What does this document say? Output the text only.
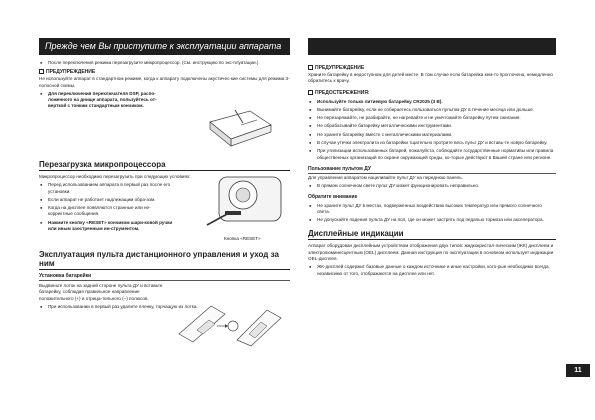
Прежде чем Вы приступите к эксплуатации аппарата
● После переключения режима перезагрузите микропроцессор. (См. инструкцию по экс-плуатации.)
ПРЕДУПРЕЖДЕНИЕ

Не используйте аппарат в стандартном режиме, когда к аппарату подключены акустичес-кие системы для режима 3-полосной схемы.

● Для переключения переключателя DSP, распо-ложенного на днище аппарата, пользуйтесь от-верткой с тонким стандартным кончиком.
Перезагрузка микропроцессора

Микропроцессор необходимо перезагрузить при следующих условиях:

● Перед использованием аппарата в первый раз после его установки.
● Если аппарат не работает надлежащим обра-зом.
● Когда на дисплее появляются странные или не-корректные сообщения.
● Нажмите кнопку «RESET» кончиком шари-ковой ручки или иным заостренным ин-струментом.
Кнопка «RESET»
Эксплуатация пульта дистанционного управления и уход за ним
Установка батарейки

Выдвиньте лоток на задней стороне пульта ДУ и вставьте батарейку, соблюдая правильное направление положительного (+) и отрица-тельного (–) полюсов.

● При использовании в первый раз удалите пленку, торчащую из лотка.
ПРЕДУПРЕЖДЕНИЕ

Храните батарейку в недоступном для детей месте. В том случае если батарейка кем-то проглочена, немедленно обратитесь к врачу.

ПРЕДОСТЕРЕЖЕНИЯ:
● Используйте только литиевую батарейку CR2025 (3 В).
● Вынимайте батарейку, если не собираетесь пользоваться пультом ДУ в течение месяца или дольше.
● Не перезаряжайте, не разбирайте, не нагревайте и не уничтожайте батарейку путем сжигания.
● Не обрабатывайте батарейку металлическими инструментами.
● Не храните батарейку вместе с металлическими материалами.
● В случае утечки электролита из батарейки тщательно протрите весь пульт ДУ и вставь-те новую батарейку.
● При утилизации использованных батарей, пожалуйста, соблюдайте государственные нормативы или правила общественных организаций по охране окружающей среды, ко-торые действуют в Вашей стране или регионе.
Пользование пультом ДУ

Для управления аппаратом нацеливайте пульт ДУ на переднюю панель.

● В прямом солнечном свете пульт ДУ может функционировать неправильно.
Обратите внимание
● Не храните пульт ДУ в местах, подверженных воздействию высоких температур или прямого солнечного света.
● Не допускайте падения пульта ДУ на пол, где он может застрять под педалью тормоза или акселератора.
Дисплейные индикации

Аппарат оборудован дисплейным устройством отображения двух типов: жидкокристал-лическим (ЖК) дисплеем и электролюминесцентным (OEL) дисплеем. Данная инструкция по эксплуатации в основном использует индикации OEL-дисплея.

● ЖК-дисплей содержит базовые данные о каждом источнике и иные настройки, кото-рые необходимо всегда, независимо от того, отображаются на дисплее или нет.
11
